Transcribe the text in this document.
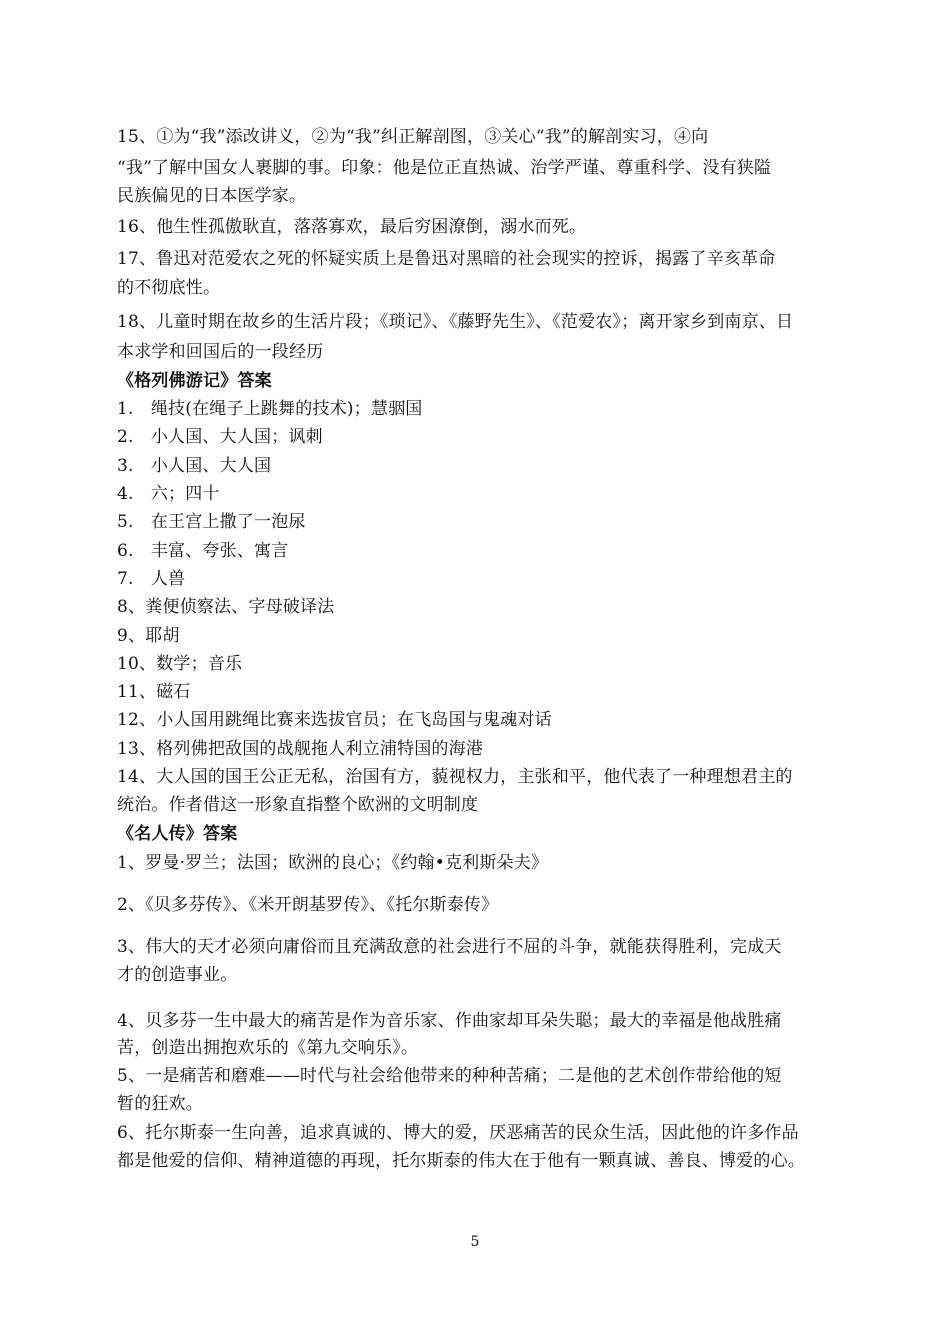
15、①为“我”添改讲义，②为“我”纠正解剖图，③关心“我”的解剖实习，④向
“我”了解中国女人裹脚的事。印象：他是位正直热诚、治学严谨、尊重科学、没有狭隘
民族偏见的日本医学家。
16、他生性孤傲耿直，落落寡欢，最后穷困潦倒，溺水而死。
17、鲁迅对范爱农之死的怀疑实质上是鲁迅对黑暗的社会现实的控诉，揭露了辛亥革命
的不彻底性。
18、儿童时期在故乡的生活片段；《琐记》、《藤野先生》、《范爱农》；离开家乡到南京、日
本求学和回国后的一段经历
《格列佛游记》答案
1.　绳技(在绳子上跳舞的技术)；慧骃国
2.　小人国、大人国；讽刺
3.　小人国、大人国
4.　六；四十
5.　在王宫上撒了一泡尿
6.　丰富、夸张、寓言
7.　人兽
8、粪便侦察法、字母破译法
9、耶胡
10、数学；音乐
11、磁石
12、小人国用跳绳比赛来选拔官员；在飞岛国与鬼魂对话
13、格列佛把敌国的战舰拖人利立浦特国的海港
14、大人国的国王公正无私，治国有方，藐视权力，主张和平，他代表了一种理想君主的
统治。作者借这一形象直指整个欧洲的文明制度
《名人传》答案
1、罗曼·罗兰；法国；欧洲的良心；《约翰•克利斯朵夫》
2、《贝多芬传》、《米开朗基罗传》、《托尔斯泰传》
3、伟大的天才必须向庸俗而且充满敌意的社会进行不屈的斗争，就能获得胜利，完成天
才的创造事业。
4、贝多芬一生中最大的痛苦是作为音乐家、作曲家却耳朵失聪；最大的幸福是他战胜痛
苦，创造出拥抱欢乐的《第九交响乐》。
5、一是痛苦和磨难——时代与社会给他带来的种种苦痛；二是他的艺术创作带给他的短
暂的狂欢。
6、托尔斯泰一生向善，追求真诚的、博大的爱，厌恶痛苦的民众生活，因此他的许多作品
都是他爱的信仰、精神道德的再现，托尔斯泰的伟大在于他有一颗真诚、善良、博爱的心。
5
